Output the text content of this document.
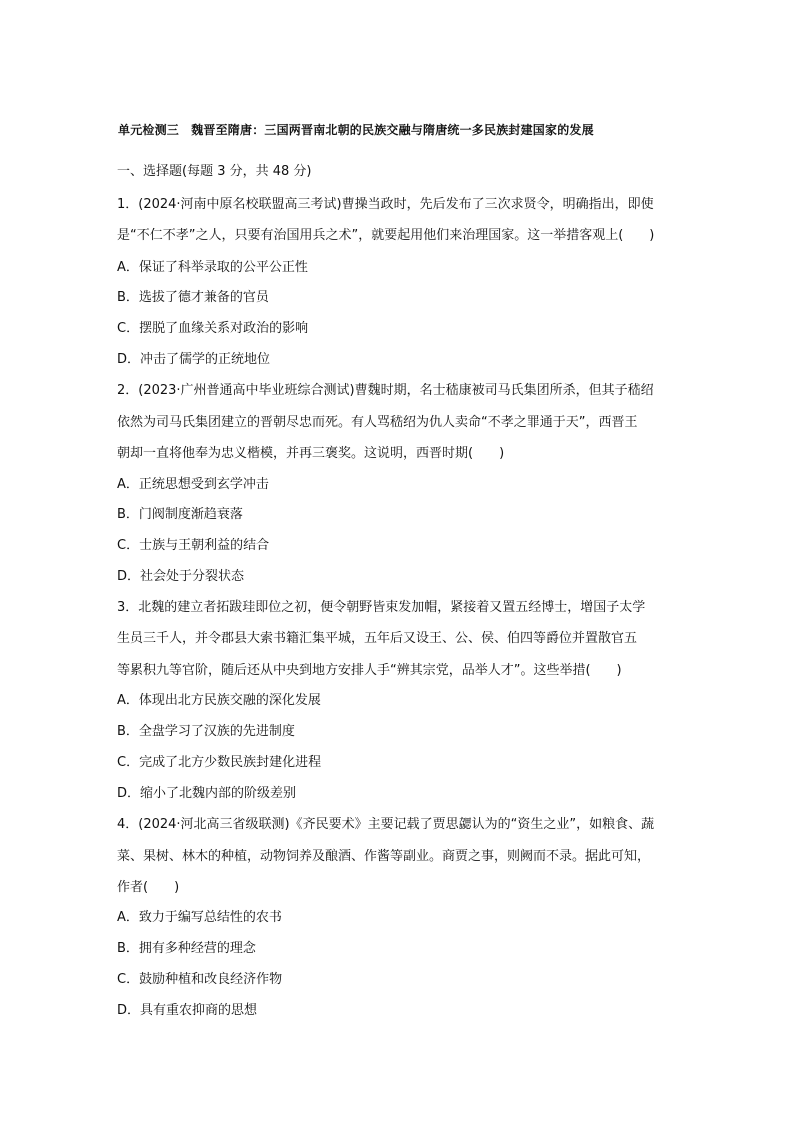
单元检测三　魏晋至隋唐：三国两晋南北朝的民族交融与隋唐统一多民族封建国家的发展
一、选择题(每题 3 分，共 48 分)
1．(2024·河南中原名校联盟高三考试)曹操当政时，先后发布了三次求贤令，明确指出，即使
是“不仁不孝”之人，只要有治国用兵之术”，就要起用他们来治理国家。这一举措客观上(　　)
A．保证了科举录取的公平公正性
B．选拔了德才兼备的官员
C．摆脱了血缘关系对政治的影响
D．冲击了儒学的正统地位
2．(2023·广州普通高中毕业班综合测试)曹魏时期，名士嵇康被司马氏集团所杀，但其子嵇绍
依然为司马氏集团建立的晋朝尽忠而死。有人骂嵇绍为仇人卖命“不孝之罪通于天”，西晋王
朝却一直将他奉为忠义楷模，并再三褒奖。这说明，西晋时期(　　)
A．正统思想受到玄学冲击
B．门阀制度渐趋衰落
C．士族与王朝利益的结合
D．社会处于分裂状态
3．北魏的建立者拓跋珪即位之初，便令朝野皆束发加帽，紧接着又置五经博士，增国子太学
生员三千人，并令郡县大索书籍汇集平城，五年后又设王、公、侯、伯四等爵位并置散官五
等累积九等官阶，随后还从中央到地方安排人手“辨其宗党，品举人才”。这些举措(　　)
A．体现出北方民族交融的深化发展
B．全盘学习了汉族的先进制度
C．完成了北方少数民族封建化进程
D．缩小了北魏内部的阶级差别
4．(2024·河北高三省级联测)《齐民要术》主要记载了贾思勰认为的“资生之业”，如粮食、蔬
菜、果树、林木的种植，动物饲养及酿酒、作酱等副业。商贾之事，则阙而不录。据此可知，
作者(　　)
A．致力于编写总结性的农书
B．拥有多种经营的理念
C．鼓励种植和改良经济作物
D．具有重农抑商的思想
